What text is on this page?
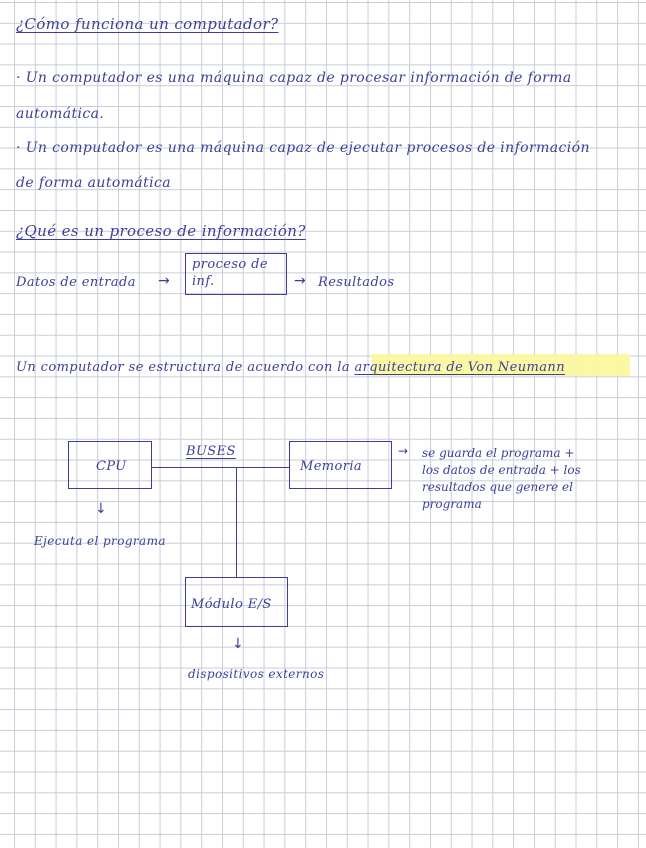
¿Cómo funciona un computador?
· Un computador es una máquina capaz de procesar información de forma
automática.
· Un computador es una máquina capaz de ejecutar procesos de información
de forma automática
¿Qué es un proceso de información?
Datos de entrada →
proceso de
inf.	→ Resultados
Un computador se estructura de acuerdo con la arquitectura de Von Neumann
CPU	Memoria
BUSES
Módulo E/S
→ se guarda el programa +
los datos de entrada + los
resultados que genere el
programa
↓
Ejecuta el programa
↓
dispositivos externos
